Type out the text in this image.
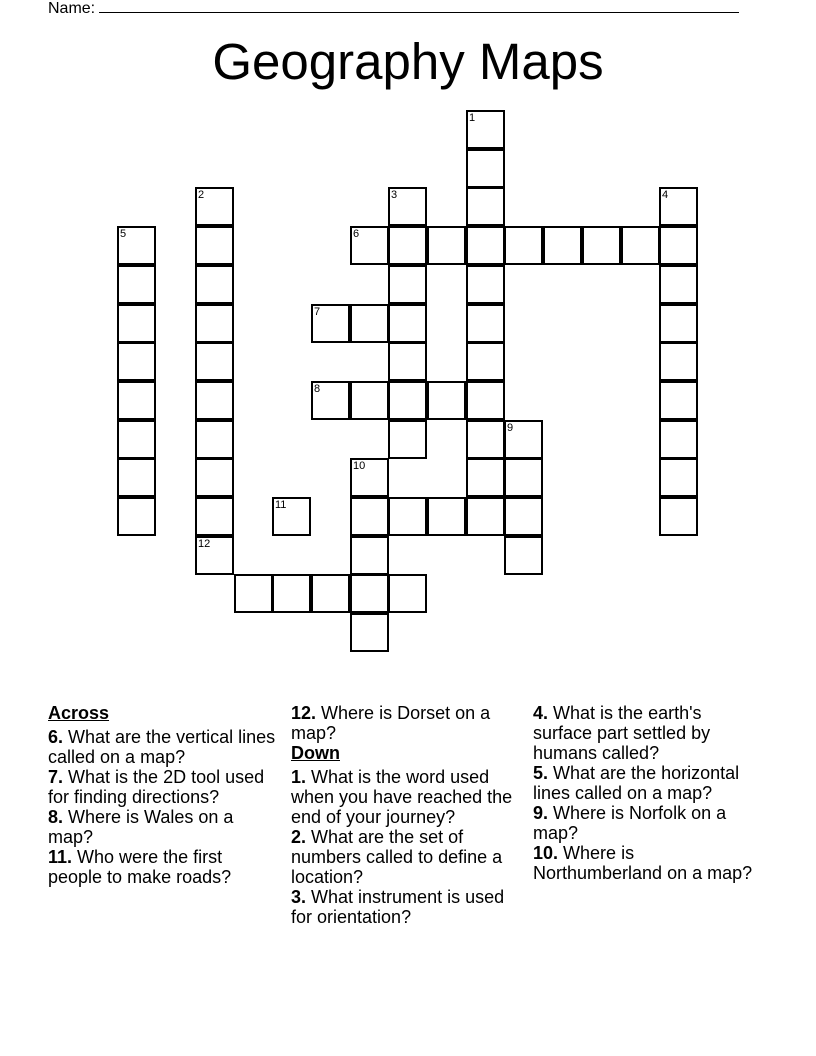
Name:
Geography Maps
1
2
12
3	4
5	6
7
8
9
10
11
Across
6. What are the vertical lines called on a map?
7. What is the 2D tool used for finding directions?
8. Where is Wales on a map?
11. Who were the first people to make roads?
12. Where is Dorset on a map?
Down
1. What is the word used when you have reached the end of your journey?
2. What are the set of numbers called to define a location?
3. What instrument is used for orientation?
4. What is the earth's surface part settled by humans called?
5. What are the horizontal lines called on a map?
9. Where is Norfolk on a map?
10. Where is Northumberland on a map?
